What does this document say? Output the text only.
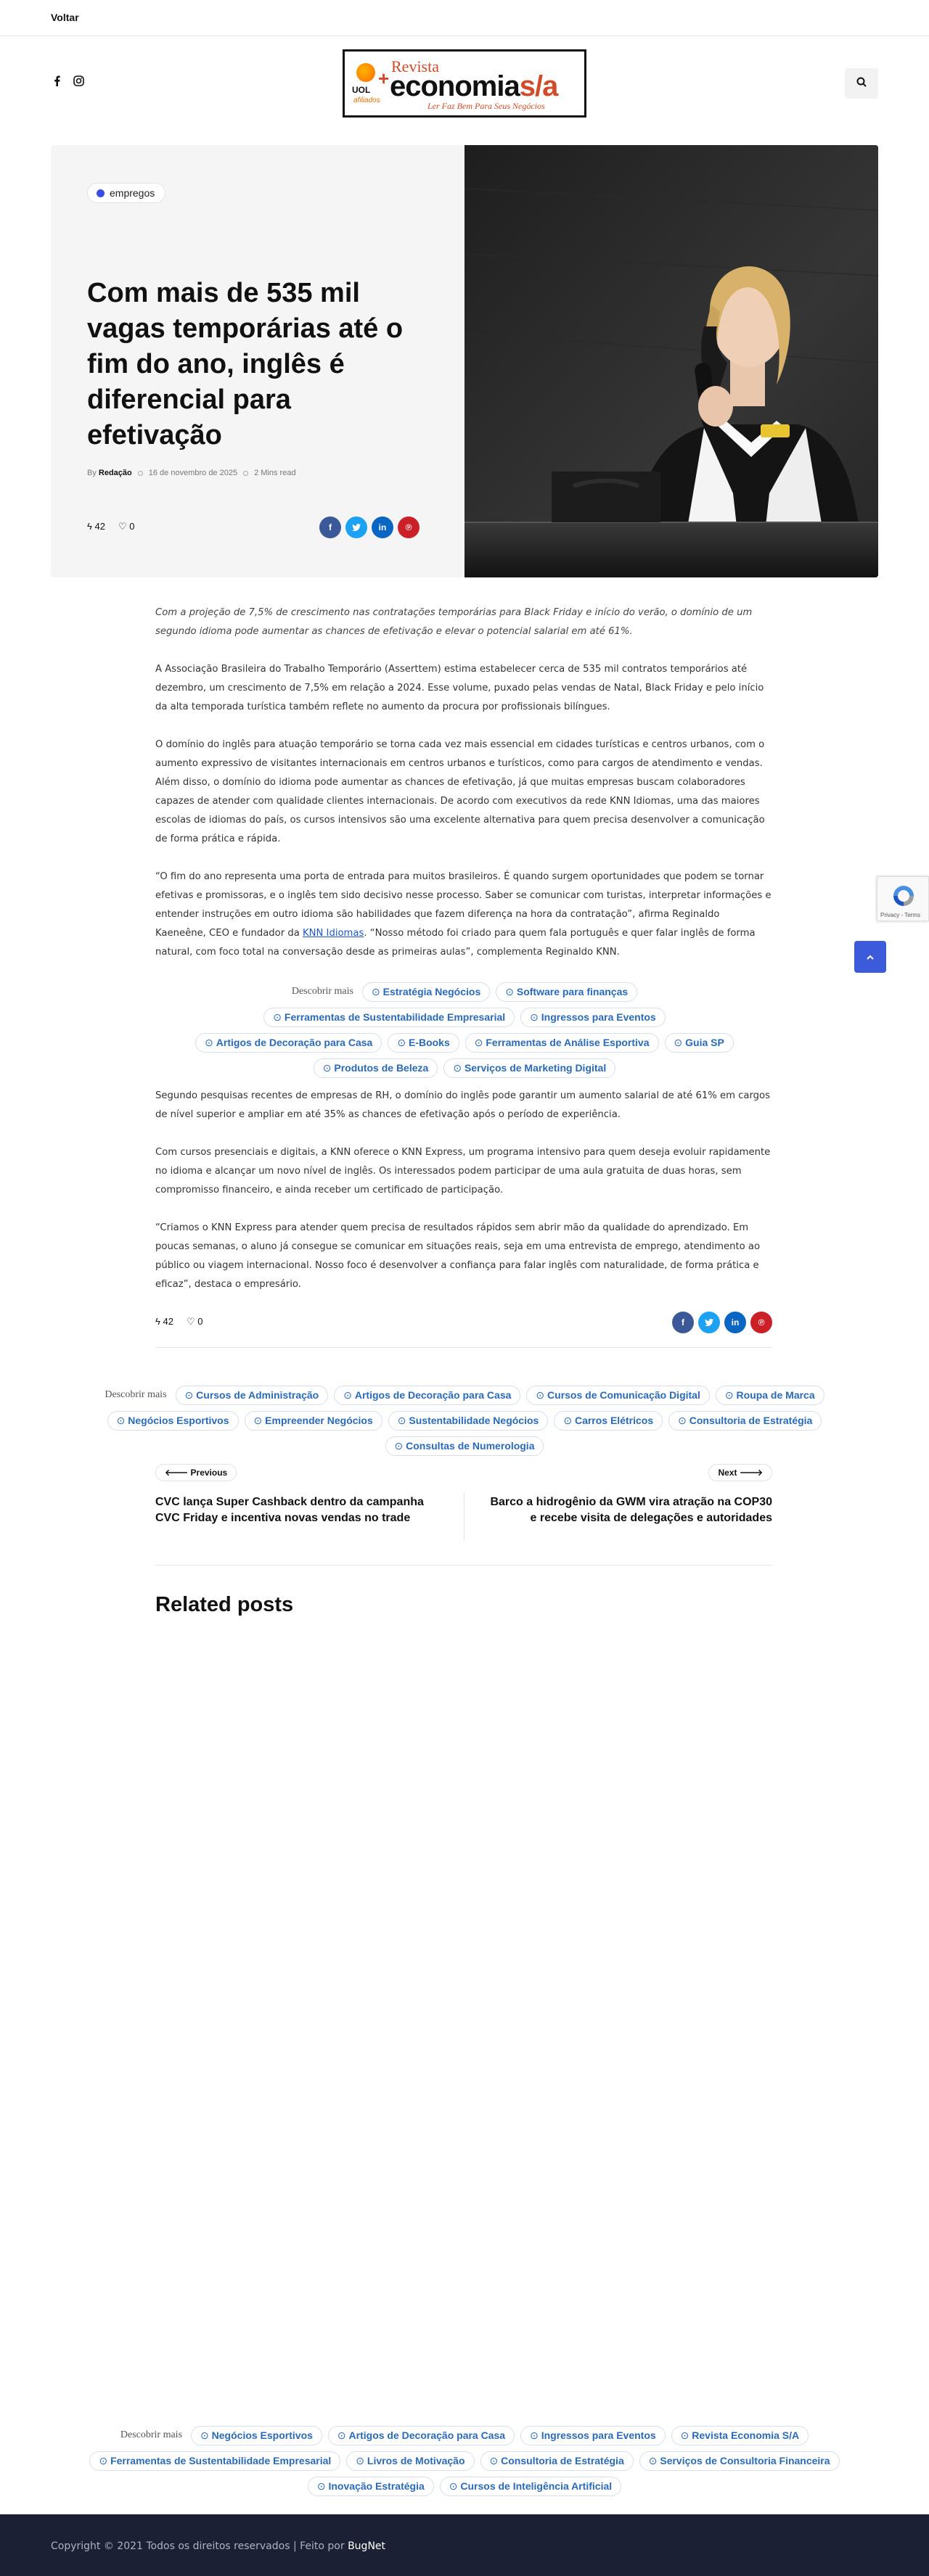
Voltar
UOL
afiliados
+
Revista
economias/a
Ler Faz Bem Para Seus Negócios
empregos
Com mais de 535 mil vagas temporárias até o fim do ano, inglês é diferencial para efetivação
By Redação 16 de novembro de 2025 2 Mins read
ϟ 42 ♡ 0	f	in	℗

Com a projeção de 7,5% de crescimento nas contratações temporárias para Black Friday e início do verão, o domínio de um segundo idioma pode aumentar as chances de efetivação e elevar o potencial salarial em até 61%.

A Associação Brasileira do Trabalho Temporário (Asserttem) estima estabelecer cerca de 535 mil contratos temporários até dezembro, um crescimento de 7,5% em relação a 2024. Esse volume, puxado pelas vendas de Natal, Black Friday e pelo início da alta temporada turística também reflete no aumento da procura por profissionais bilíngues.

O domínio do inglês para atuação temporário se torna cada vez mais essencial em cidades turísticas e centros urbanos, com o aumento expressivo de visitantes internacionais em centros urbanos e turísticos, como para cargos de atendimento e vendas. Além disso, o domínio do idioma pode aumentar as chances de efetivação, já que muitas empresas buscam colaboradores capazes de atender com qualidade clientes internacionais. De acordo com executivos da rede KNN Idiomas, uma das maiores escolas de idiomas do país, os cursos intensivos são uma excelente alternativa para quem precisa desenvolver a comunicação de forma prática e rápida.

“O fim do ano representa uma porta de entrada para muitos brasileiros. É quando surgem oportunidades que podem se tornar efetivas e promissoras, e o inglês tem sido decisivo nesse processo. Saber se comunicar com turistas, interpretar informações e entender instruções em outro idioma são habilidades que fazem diferença na hora da contratação”, afirma Reginaldo Kaeneêne, CEO e fundador da KNN Idiomas. “Nosso método foi criado para quem fala português e quer falar inglês de forma natural, com foco total na conversação desde as primeiras aulas”, complementa Reginaldo KNN.

Segundo pesquisas recentes de empresas de RH, o domínio do inglês pode garantir um aumento salarial de até 61% em cargos de nível superior e ampliar em até 35% as chances de efetivação após o período de experiência.

Com cursos presenciais e digitais, a KNN oferece o KNN Express, um programa intensivo para quem deseja evoluir rapidamente no idioma e alcançar um novo nível de inglês. Os interessados podem participar de uma aula gratuita de duas horas, sem compromisso financeiro, e ainda receber um certificado de participação.

“Criamos o KNN Express para atender quem precisa de resultados rápidos sem abrir mão da qualidade do aprendizado. Em poucas semanas, o aluno já consegue se comunicar em situações reais, seja em uma entrevista de emprego, atendimento ao público ou viagem internacional. Nosso foco é desenvolver a confiança para falar inglês com naturalidade, de forma prática e eficaz”, destaca o empresário.

Descobrir mais	⊙ Estratégia Negócios	⊙ Software para finanças
⊙ Ferramentas de Sustentabilidade Empresarial	⊙ Ingressos para Eventos
⊙ Artigos de Decoração para Casa	⊙ E-Books	⊙ Ferramentas de Análise Esportiva	⊙ Guia SP
⊙ Produtos de Beleza	⊙ Serviços de Marketing Digital
ϟ 42 ♡ 0	f	in	℗
Descobrir mais	⊙ Cursos de Administração	⊙ Artigos de Decoração para Casa	⊙ Cursos de Comunicação Digital	⊙ Roupa de Marca
⊙ Negócios Esportivos	⊙ Empreender Negócios	⊙ Sustentabilidade Negócios	⊙ Carros Elétricos	⊙ Consultoria de Estratégia
⊙ Consultas de Numerologia
🡐 Previous	Next 🡒
CVC lança Super Cashback dentro da campanha CVC Friday e incentiva novas vendas no trade
Barco a hidrogênio da GWM vira atração na COP30 e recebe visita de delegações e autoridades
Related posts
Descobrir mais	⊙ Negócios Esportivos	⊙ Artigos de Decoração para Casa	⊙ Ingressos para Eventos	⊙ Revista Economia S/A
⊙ Ferramentas de Sustentabilidade Empresarial	⊙ Livros de Motivação	⊙ Consultoria de Estratégia	⊙ Serviços de Consultoria Financeira
⊙ Inovação Estratégia	⊙ Cursos de Inteligência Artificial
Privacy - Terms
Copyright © 2021 Todos os direitos reservados | Feito por BugNet
